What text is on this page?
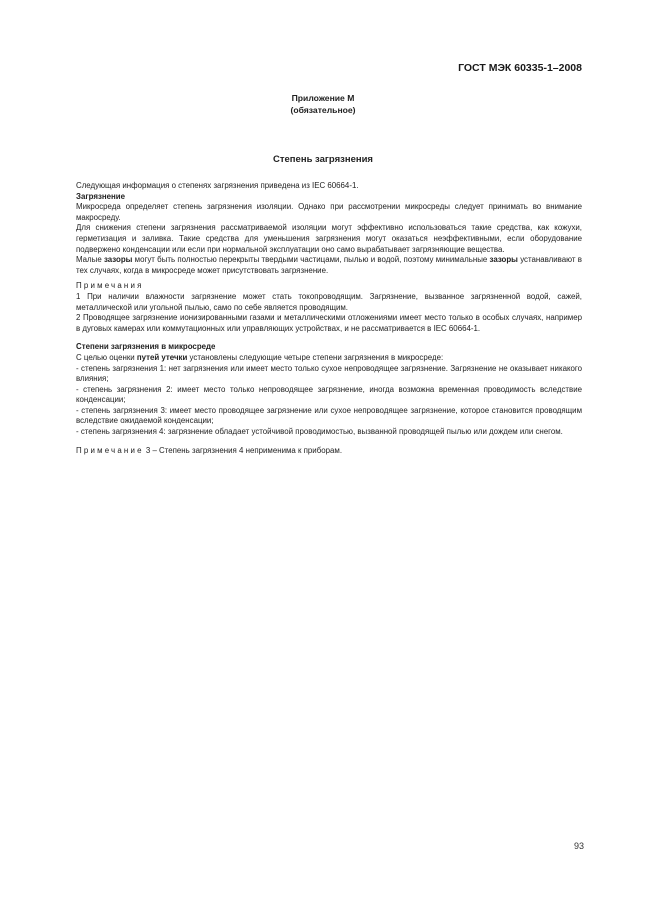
ГОСТ МЭК 60335-1–2008
Приложение М
(обязательное)
Степень загрязнения

Следующая информация о степенях загрязнения приведена из IEC 60664-1.

Загрязнение

Микросреда определяет степень загрязнения изоляции. Однако при рассмотрении микросреды следует принимать во внимание макросреду.

Для снижения степени загрязнения рассматриваемой изоляции могут эффективно использоваться такие средства, как кожухи, герметизация и заливка. Такие средства для уменьшения загрязнения могут оказаться неэффективными, если оборудование подвержено конденсации или если при нормальной эксплуатации оно само вырабатывает загрязняющие вещества.

Малые зазоры могут быть полностью перекрыты твердыми частицами, пылью и водой, поэтому минимальные зазоры устанавливают в тех случаях, когда в микросреде может присутствовать загрязнение.

Примечания

1 При наличии влажности загрязнение может стать токопроводящим. Загрязнение, вызванное загрязненной водой, сажей, металлической или угольной пылью, само по себе является проводящим.

2 Проводящее загрязнение ионизированными газами и металлическими отложениями имеет место только в особых случаях, например в дуговых камерах или коммутационных или управляющих устройствах, и не рассматривается в IEC 60664-1.

Степени загрязнения в микросреде

С целью оценки путей утечки установлены следующие четыре степени загрязнения в микросреде:

- степень загрязнения 1: нет загрязнения или имеет место только сухое непроводящее загрязнение. Загрязнение не оказывает никакого влияния;

- степень загрязнения 2: имеет место только непроводящее загрязнение, иногда возможна временная проводимость вследствие конденсации;

- степень загрязнения 3: имеет место проводящее загрязнение или сухое непроводящее загрязнение, которое становится проводящим вследствие ожидаемой конденсации;

- степень загрязнения 4: загрязнение обладает устойчивой проводимостью, вызванной проводящей пылью или дождем или снегом.

Примечание 3 – Степень загрязнения 4 неприменима к приборам.

93
